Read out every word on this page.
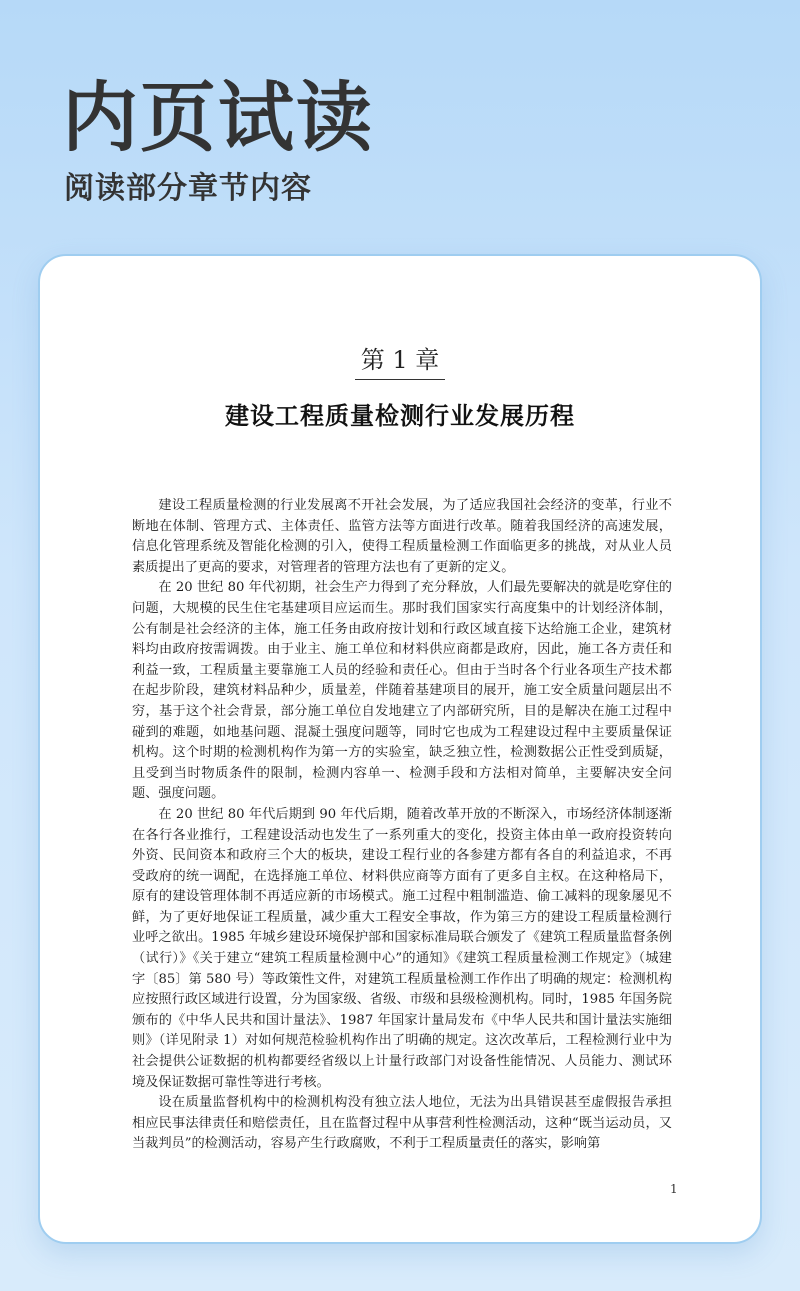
内页试读
阅读部分章节内容
第 1 章
建设工程质量检测行业发展历程

建设工程质量检测的行业发展离不开社会发展，为了适应我国社会经济的变革，行业不断地在体制、管理方式、主体责任、监管方法等方面进行改革。随着我国经济的高速发展，信息化管理系统及智能化检测的引入，使得工程质量检测工作面临更多的挑战，对从业人员素质提出了更高的要求，对管理者的管理方法也有了更新的定义。

在 20 世纪 80 年代初期，社会生产力得到了充分释放，人们最先要解决的就是吃穿住的问题，大规模的民生住宅基建项目应运而生。那时我们国家实行高度集中的计划经济体制，公有制是社会经济的主体，施工任务由政府按计划和行政区域直接下达给施工企业，建筑材料均由政府按需调拨。由于业主、施工单位和材料供应商都是政府，因此，施工各方责任和利益一致，工程质量主要靠施工人员的经验和责任心。但由于当时各个行业各项生产技术都在起步阶段，建筑材料品种少，质量差，伴随着基建项目的展开，施工安全质量问题层出不穷，基于这个社会背景，部分施工单位自发地建立了内部研究所，目的是解决在施工过程中碰到的难题，如地基问题、混凝土强度问题等，同时它也成为工程建设过程中主要质量保证机构。这个时期的检测机构作为第一方的实验室，缺乏独立性，检测数据公正性受到质疑，且受到当时物质条件的限制，检测内容单一、检测手段和方法相对简单，主要解决安全问题、强度问题。

在 20 世纪 80 年代后期到 90 年代后期，随着改革开放的不断深入，市场经济体制逐渐在各行各业推行，工程建设活动也发生了一系列重大的变化，投资主体由单一政府投资转向外资、民间资本和政府三个大的板块，建设工程行业的各参建方都有各自的利益追求，不再受政府的统一调配，在选择施工单位、材料供应商等方面有了更多自主权。在这种格局下，原有的建设管理体制不再适应新的市场模式。施工过程中粗制滥造、偷工减料的现象屡见不鲜，为了更好地保证工程质量，减少重大工程安全事故，作为第三方的建设工程质量检测行业呼之欲出。1985 年城乡建设环境保护部和国家标准局联合颁发了《建筑工程质量监督条例（试行）》《关于建立“建筑工程质量检测中心”的通知》《建筑工程质量检测工作规定》（城建字〔85〕第 580 号）等政策性文件，对建筑工程质量检测工作作出了明确的规定：检测机构应按照行政区域进行设置，分为国家级、省级、市级和县级检测机构。同时，1985 年国务院颁布的《中华人民共和国计量法》、1987 年国家计量局发布《中华人民共和国计量法实施细则》（详见附录 1）对如何规范检验机构作出了明确的规定。这次改革后，工程检测行业中为社会提供公证数据的机构都要经省级以上计量行政部门对设备性能情况、人员能力、测试环境及保证数据可靠性等进行考核。

设在质量监督机构中的检测机构没有独立法人地位，无法为出具错误甚至虚假报告承担相应民事法律责任和赔偿责任，且在监督过程中从事营利性检测活动，这种“既当运动员，又当裁判员”的检测活动，容易产生行政腐败，不利于工程质量责任的落实，影响第

1
